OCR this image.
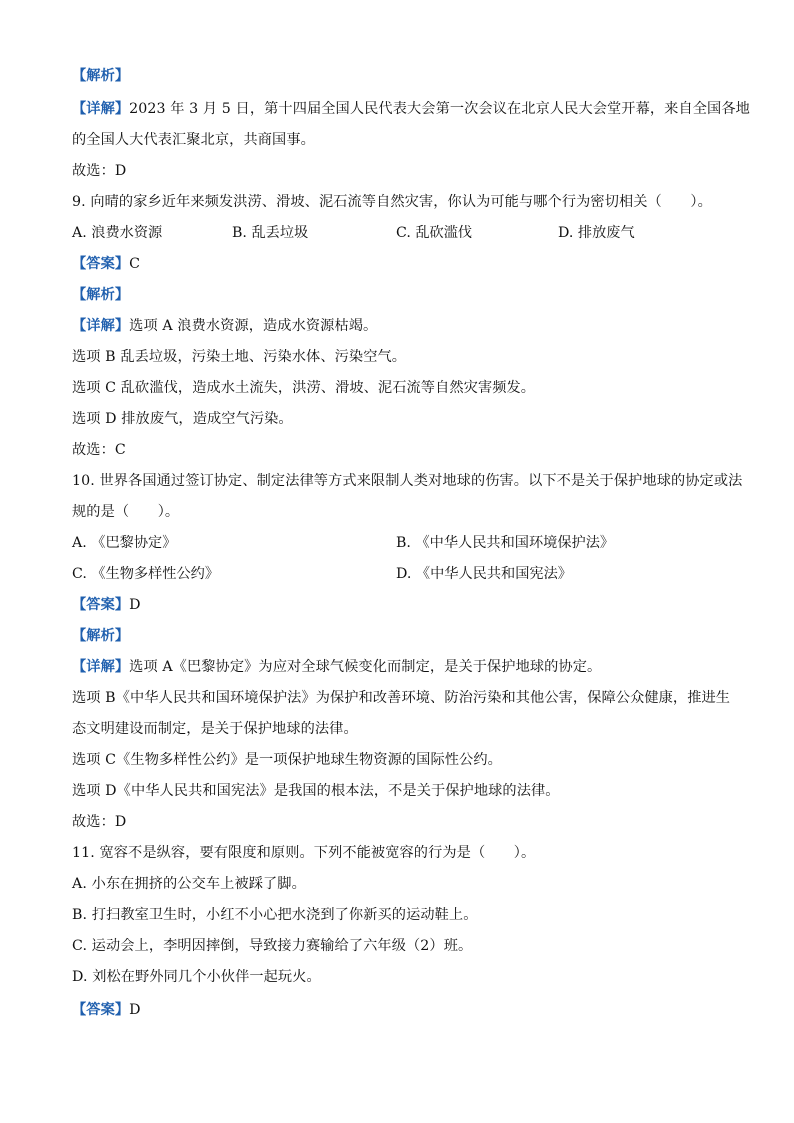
【解析】
【详解】2023 年 3 月 5 日，第十四届全国人民代表大会第一次会议在北京人民大会堂开幕，来自全国各地
的全国人大代表汇聚北京，共商国事。
故选：D
9. 向晴的家乡近年来频发洪涝、滑坡、泥石流等自然灾害，你认为可能与哪个行为密切相关（　　）。
A. 浪费水资源	B. 乱丢垃圾	C. 乱砍滥伐	D. 排放废气
【答案】C
【解析】
【详解】选项 A 浪费水资源，造成水资源枯竭。
选项 B 乱丢垃圾，污染土地、污染水体、污染空气。
选项 C 乱砍滥伐，造成水土流失，洪涝、滑坡、泥石流等自然灾害频发。
选项 D 排放废气，造成空气污染。
故选：C
10. 世界各国通过签订协定、制定法律等方式来限制人类对地球的伤害。以下不是关于保护地球的协定或法
规的是（　　）。
A. 《巴黎协定》	B. 《中华人民共和国环境保护法》
C. 《生物多样性公约》	D. 《中华人民共和国宪法》
【答案】D
【解析】
【详解】选项 A《巴黎协定》为应对全球气候变化而制定，是关于保护地球的协定。
选项 B《中华人民共和国环境保护法》为保护和改善环境、防治污染和其他公害，保障公众健康，推进生
态文明建设而制定，是关于保护地球的法律。
选项 C《生物多样性公约》是一项保护地球生物资源的国际性公约。
选项 D《中华人民共和国宪法》是我国的根本法，不是关于保护地球的法律。
故选：D
11. 宽容不是纵容，要有限度和原则。下列不能被宽容的行为是（　　）。
A. 小东在拥挤的公交车上被踩了脚。
B. 打扫教室卫生时，小红不小心把水浇到了你新买的运动鞋上。
C. 运动会上，李明因摔倒，导致接力赛输给了六年级（2）班。
D. 刘松在野外同几个小伙伴一起玩火。
【答案】D
